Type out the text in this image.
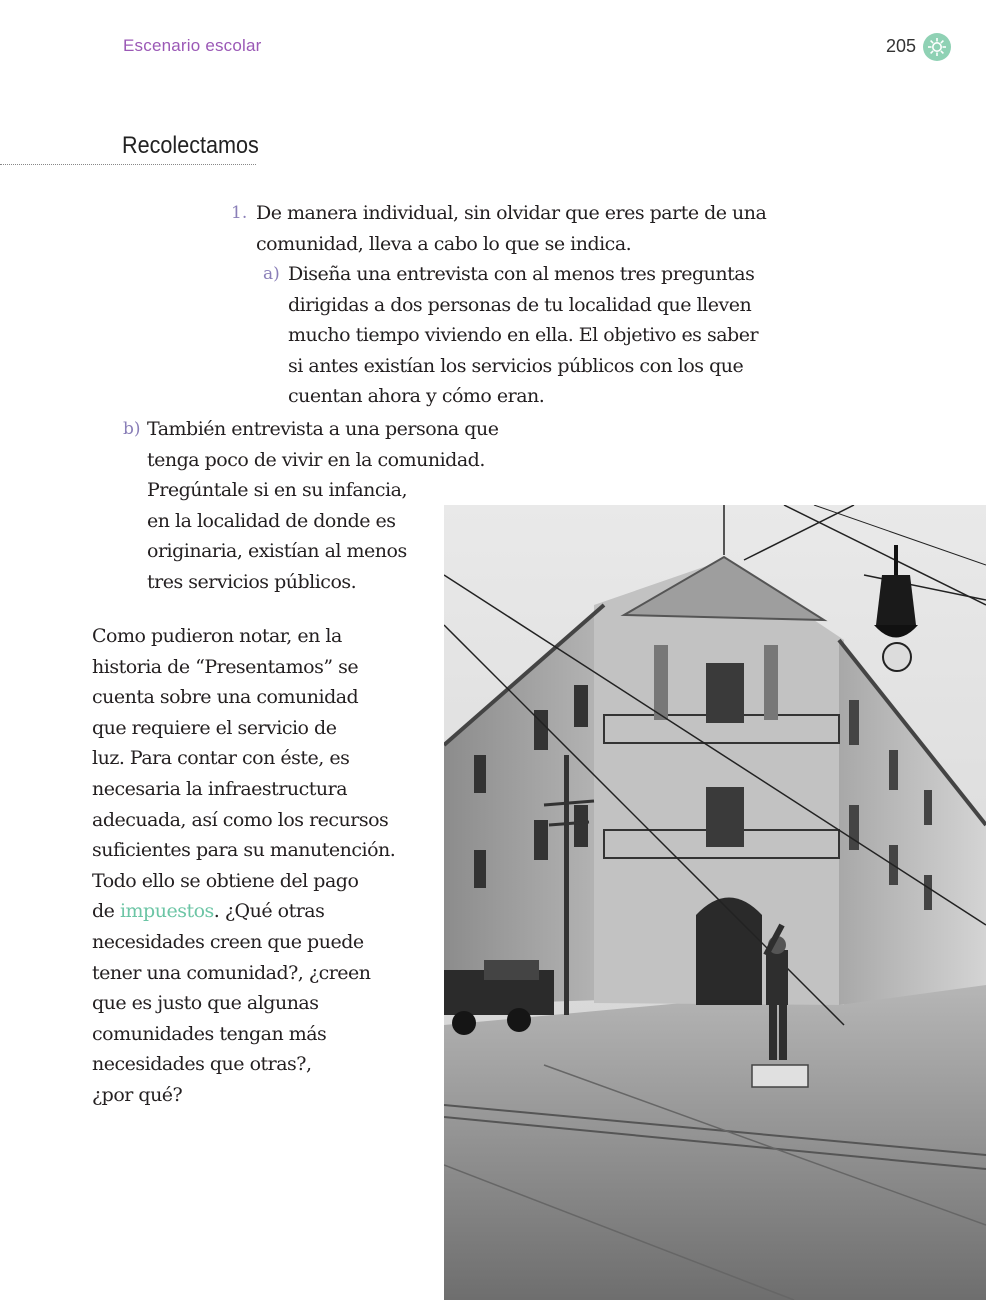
Escenario escolar	205
Recolectamos
1. De manera individual, sin olvidar que eres parte de una
comunidad, lleva a cabo lo que se indica.
a) Diseña una entrevista con al menos tres preguntas
dirigidas a dos personas de tu localidad que lleven
mucho tiempo viviendo en ella. El objetivo es saber
si antes existían los servicios públicos con los que
cuentan ahora y cómo eran.
b) También entrevista a una persona que
tenga poco de vivir en la comunidad.
Pregúntale si en su infancia,
en la localidad de donde es
originaria, existían al menos
tres servicios públicos.
Como pudieron notar, en la
historia de “Presentamos” se
cuenta sobre una comunidad
que requiere el servicio de
luz. Para contar con éste, es
necesaria la infraestructura
adecuada, así como los recursos
suficientes para su manutención.
Todo ello se obtiene del pago
de impuestos. ¿Qué otras
necesidades creen que puede
tener una comunidad?, ¿creen
que es justo que algunas
comunidades tengan más
necesidades que otras?,
¿por qué?
